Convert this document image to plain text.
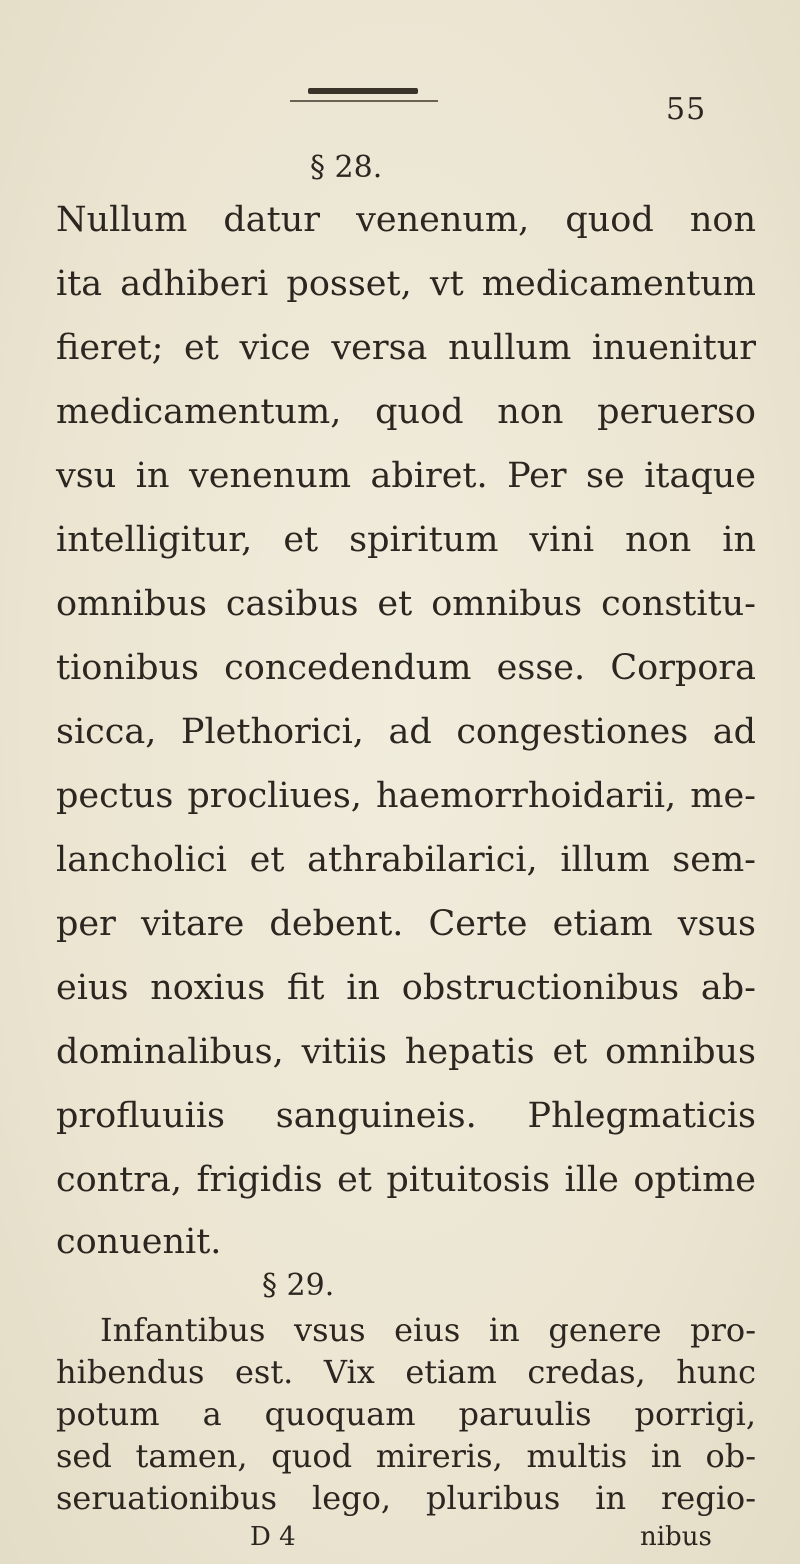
55
§ 28.
Nullum datur venenum, quod non
ita adhiberi posset, vt medicamentum
fieret; et vice versa nullum inuenitur
medicamentum, quod non peruerso
vsu in venenum abiret. Per se itaque
intelligitur, et spiritum vini non in
omnibus casibus et omnibus constitu-
tionibus concedendum esse. Corpora
sicca, Plethorici, ad congestiones ad
pectus procliues, haemorrhoidarii, me-
lancholici et athrabilarici, illum sem-
per vitare debent. Certe etiam vsus
eius noxius fit in obstructionibus ab-
dominalibus, vitiis hepatis et omnibus
profluuiis sanguineis. Phlegmaticis
contra, frigidis et pituitosis ille optime
conuenit.
§ 29.
Infantibus vsus eius in genere pro-
hibendus est. Vix etiam credas, hunc
D 4	nibus
potum a quoquam paruulis porrigi,
sed tamen, quod mireris, multis in ob-
seruationibus lego, pluribus in regio-
